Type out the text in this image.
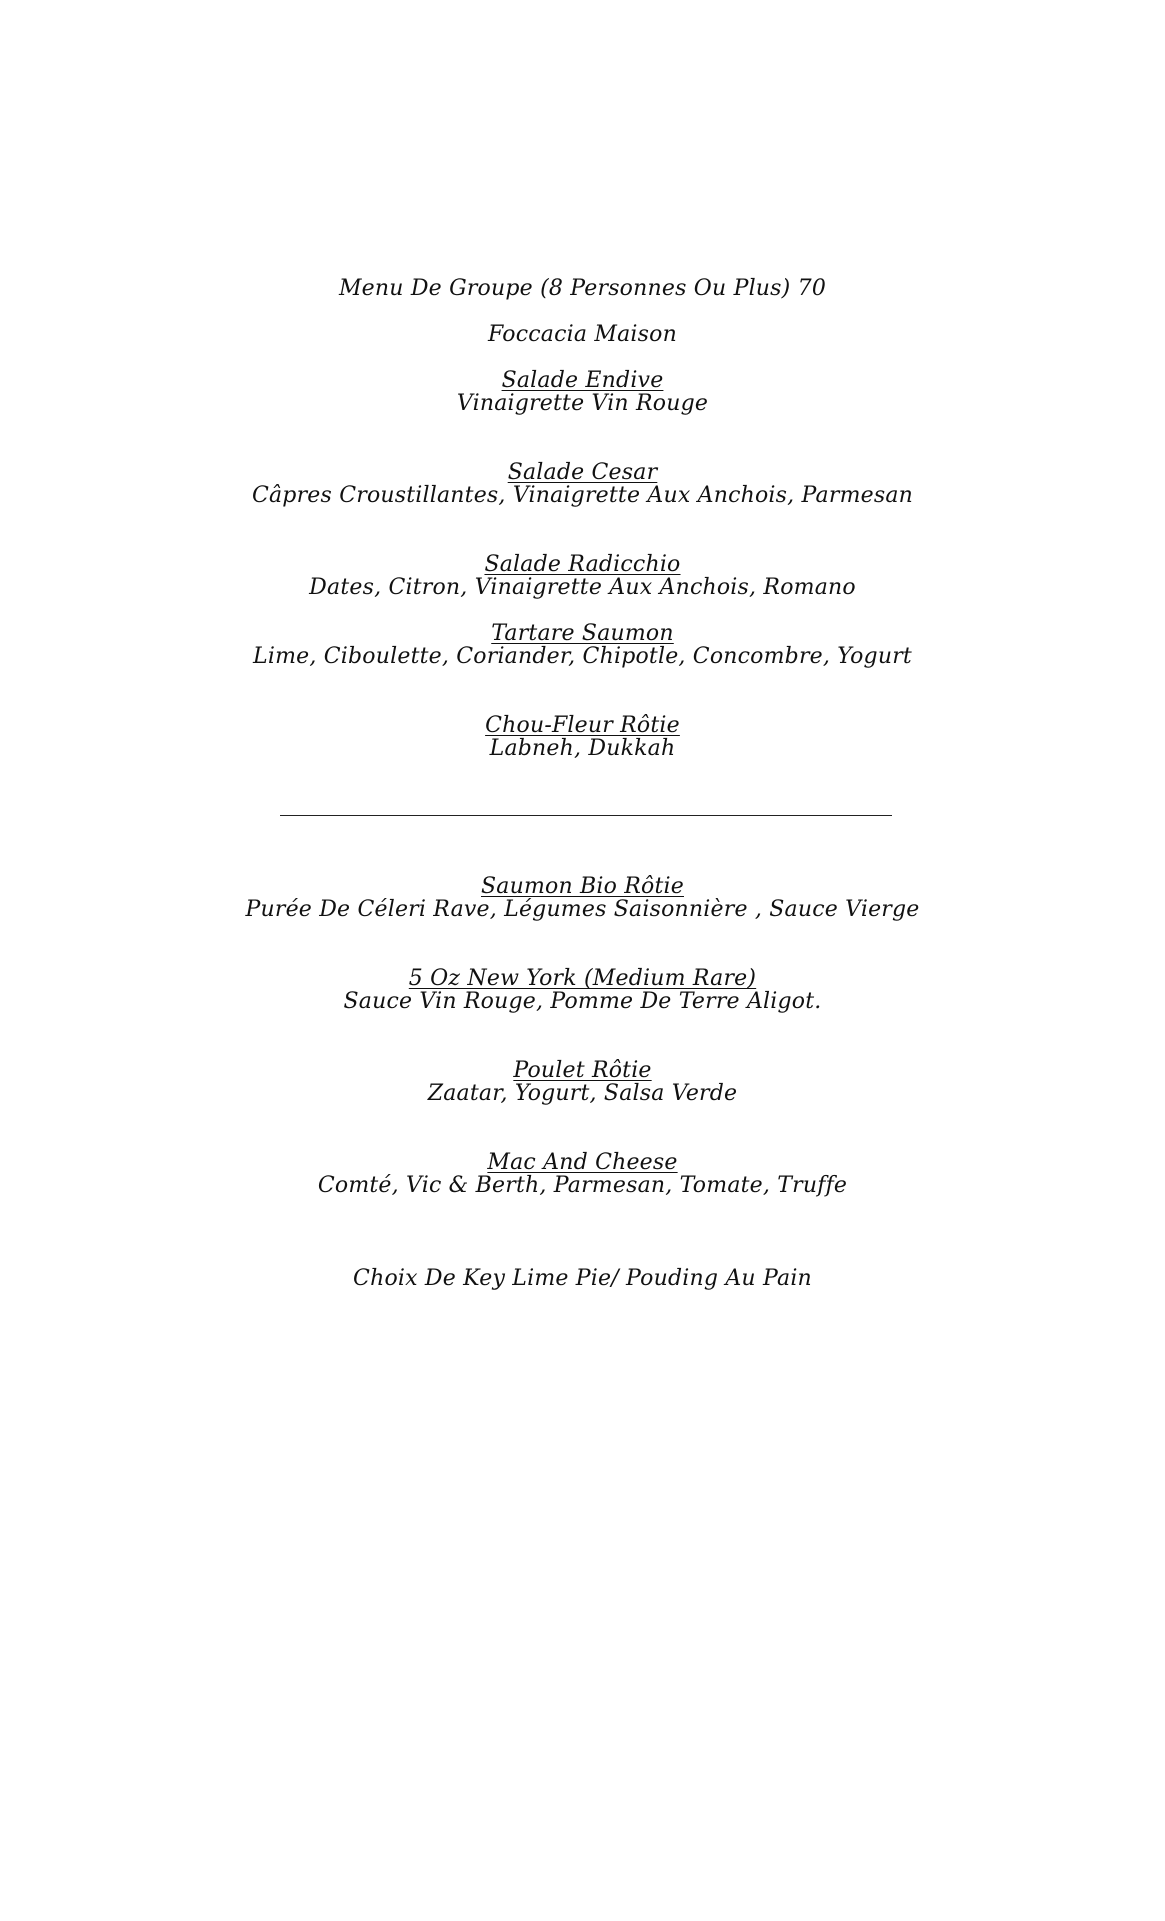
Menu De Groupe (8 Personnes Ou Plus) 70
Foccacia Maison
Salade Endive
Vinaigrette Vin Rouge
Salade Cesar
Câpres Croustillantes, Vinaigrette Aux Anchois, Parmesan
Salade Radicchio
Dates, Citron, Vinaigrette Aux Anchois, Romano
Tartare Saumon
Lime, Ciboulette, Coriander, Chipotle, Concombre, Yogurt
Chou-Fleur Rôtie
Labneh, Dukkah
Saumon Bio Rôtie
Purée De Céleri Rave, Légumes Saisonnière , Sauce Vierge
5 Oz New York (Medium Rare)
Sauce Vin Rouge, Pomme De Terre Aligot.
Poulet Rôtie
Zaatar, Yogurt, Salsa Verde
Mac And Cheese
Comté, Vic & Berth, Parmesan, Tomate, Truffe
Choix De Key Lime Pie/ Pouding Au Pain
